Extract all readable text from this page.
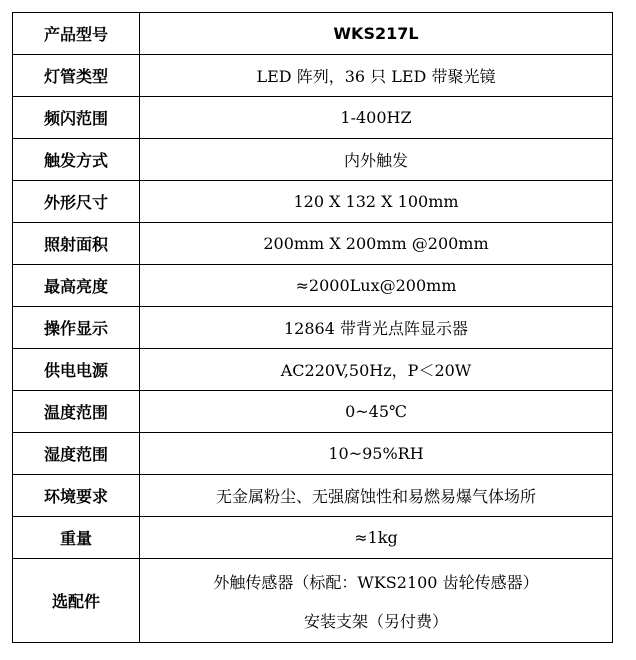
产品型号	WKS217L
灯管类型	LED 阵列，36 只 LED 带聚光镜
频闪范围	1-400HZ
触发方式	内外触发
外形尺寸	120 X 132 X 100mm
照射面积	200mm X 200mm @200mm
最高亮度	≈2000Lux@200mm
操作显示	12864 带背光点阵显示器
供电电源	AC220V,50Hz，P＜20W
温度范围	0~45℃
湿度范围	10~95%RH
环境要求	无金属粉尘、无强腐蚀性和易燃易爆气体场所
重量	≈1kg
选配件	外触传感器（标配：WKS2100 齿轮传感器）
安装支架（另付费）
